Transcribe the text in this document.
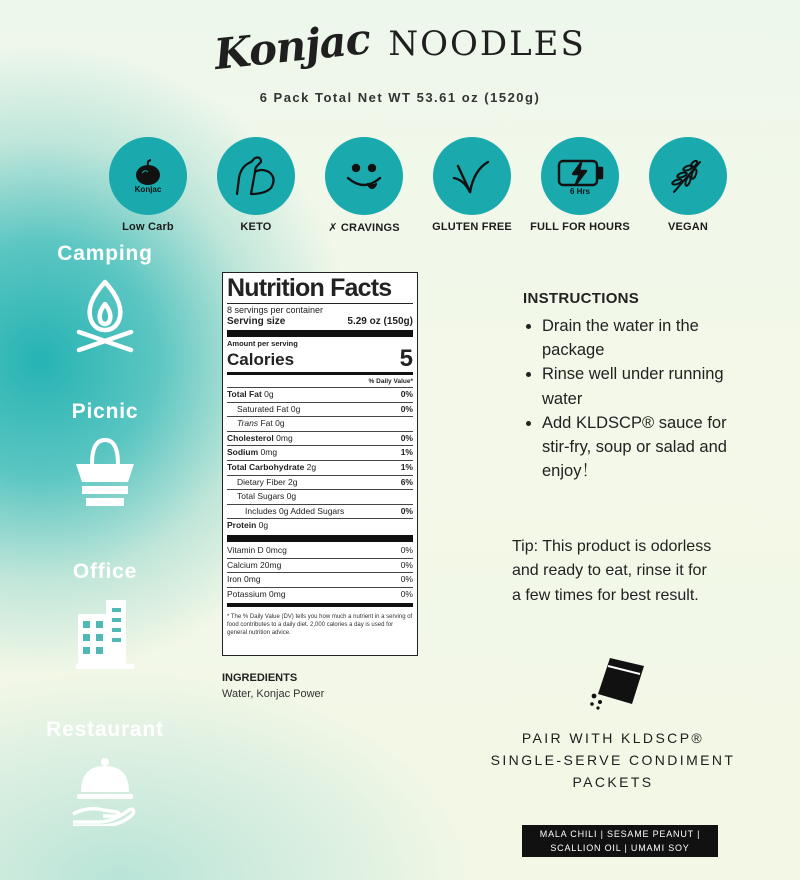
Konjac NOODLES
6 Pack Total Net WT 53.61 oz (1520g)
Konjac
Low Carb	KETO	✗ CRAVINGS	GLUTEN FREE
6 Hrs
FULL FOR HOURS	VEGAN
Camping
Picnic
Office
Restaurant
Nutrition Facts
8 servings per container
Serving size	5.29 oz (150g)
Amount per serving
Calories	5
% Daily Value*
Total Fat 0g	0%
Saturated Fat 0g	0%
Trans Fat 0g
Cholesterol 0mg	0%
Sodium 0mg	1%
Total Carbohydrate 2g	1%
Dietary Fiber 2g	6%
Total Sugars 0g
Includes 0g Added Sugars	0%
Protein 0g
Vitamin D 0mcg	0%
Calcium 20mg	0%
Iron 0mg	0%
Potassium 0mg	0%
* The % Daily Value (DV) tells you how much a nutrient in a serving of food contributes to a daily diet. 2,000 calories a day is used for general nutrition advice.
INGREDIENTS
Water, Konjac Power
INSTRUCTIONS
• Drain the water in the package
• Rinse well under running water
• Add KLDSCP® sauce for stir-fry, soup or salad and enjoy！
Tip: This product is odorless and ready to eat, rinse it for a few times for best result.
PAIR WITH KLDSCP® SINGLE-SERVE CONDIMENT PACKETS
MALA CHILI | SESAME PEANUT |
SCALLION OIL | UMAMI SOY
